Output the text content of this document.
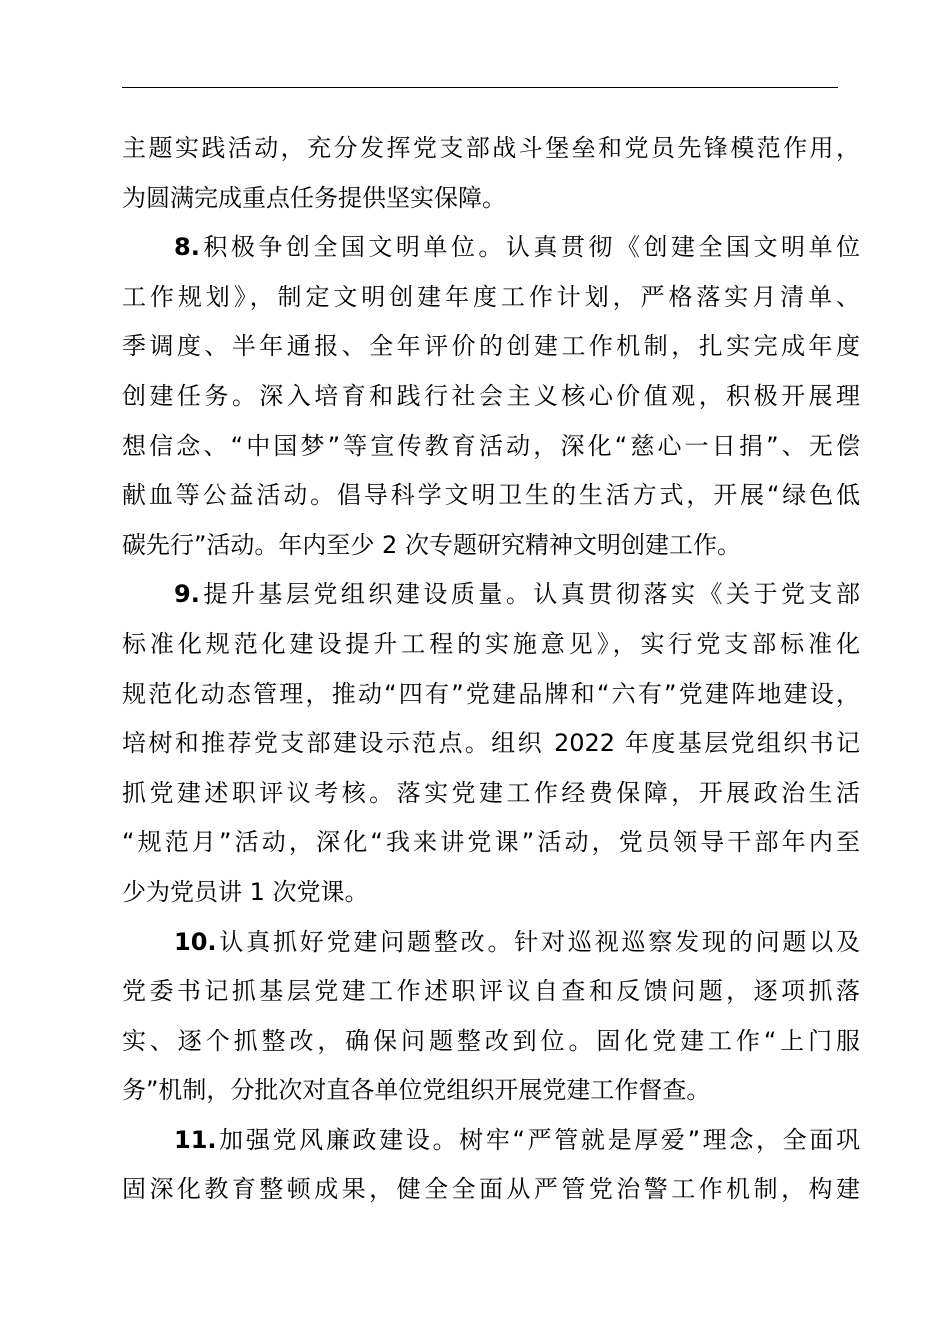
主题实践活动，充分发挥党支部战斗堡垒和党员先锋模范作用，
为圆满完成重点任务提供坚实保障。
8.积极争创全国文明单位。认真贯彻《创建全国文明单位
工作规划》，制定文明创建年度工作计划，严格落实月清单、
季调度、半年通报、全年评价的创建工作机制，扎实完成年度
创建任务。深入培育和践行社会主义核心价值观，积极开展理
想信念、“中国梦”等宣传教育活动，深化“慈心一日捐”、无偿
献血等公益活动。倡导科学文明卫生的生活方式，开展“绿色低
碳先行”活动。年内至少 2 次专题研究精神文明创建工作。
9.提升基层党组织建设质量。认真贯彻落实《关于党支部
标准化规范化建设提升工程的实施意见》，实行党支部标准化
规范化动态管理，推动“四有”党建品牌和“六有”党建阵地建设，
培树和推荐党支部建设示范点。组织 2022 年度基层党组织书记
抓党建述职评议考核。落实党建工作经费保障，开展政治生活
“规范月”活动，深化“我来讲党课”活动，党员领导干部年内至
少为党员讲 1 次党课。
10.认真抓好党建问题整改。针对巡视巡察发现的问题以及
党委书记抓基层党建工作述职评议自查和反馈问题，逐项抓落
实、逐个抓整改，确保问题整改到位。固化党建工作“上门服
务”机制，分批次对直各单位党组织开展党建工作督查。
11.加强党风廉政建设。树牢“严管就是厚爱”理念，全面巩
固深化教育整顿成果，健全全面从严管党治警工作机制，构建
